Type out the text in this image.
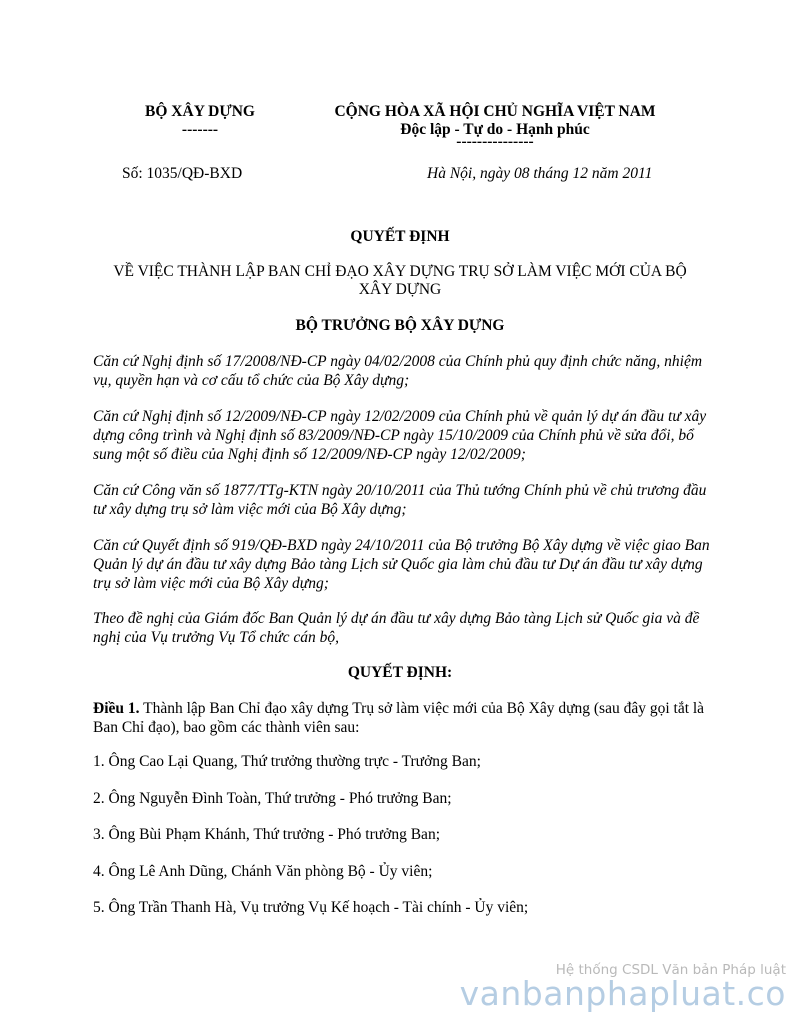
BỘ XÂY DỰNG
-------
CỘNG HÒA XÃ HỘI CHỦ NGHĨA VIỆT NAM
Độc lập - Tự do - Hạnh phúc
---------------
Số: 1035/QĐ-BXD	Hà Nội, ngày 08 tháng 12 năm 2011
QUYẾT ĐỊNH
VỀ VIỆC THÀNH LẬP BAN CHỈ ĐẠO XÂY DỰNG TRỤ SỞ LÀM VIỆC MỚI CỦA BỘ
XÂY DỰNG
BỘ TRƯỞNG BỘ XÂY DỰNG
Căn cứ Nghị định số 17/2008/NĐ-CP ngày 04/02/2008 của Chính phủ quy định chức năng, nhiệm vụ, quyền hạn và cơ cấu tổ chức của Bộ Xây dựng;
Căn cứ Nghị định số 12/2009/NĐ-CP ngày 12/02/2009 của Chính phủ về quản lý dự án đầu tư xây dựng công trình và Nghị định số 83/2009/NĐ-CP ngày 15/10/2009 của Chính phủ về sửa đổi, bổ sung một số điều của Nghị định số 12/2009/NĐ-CP ngày 12/02/2009;
Căn cứ Công văn số 1877/TTg-KTN ngày 20/10/2011 của Thủ tướng Chính phủ về chủ trương đầu tư xây dựng trụ sở làm việc mới của Bộ Xây dựng;
Căn cứ Quyết định số 919/QĐ-BXD ngày 24/10/2011 của Bộ trưởng Bộ Xây dựng về việc giao Ban Quản lý dự án đầu tư xây dựng Bảo tàng Lịch sử Quốc gia làm chủ đầu tư Dự án đầu tư xây dựng trụ sở làm việc mới của Bộ Xây dựng;
Theo đề nghị của Giám đốc Ban Quản lý dự án đầu tư xây dựng Bảo tàng Lịch sử Quốc gia và đề nghị của Vụ trưởng Vụ Tổ chức cán bộ,
QUYẾT ĐỊNH:
Điều 1. Thành lập Ban Chỉ đạo xây dựng Trụ sở làm việc mới của Bộ Xây dựng (sau đây gọi tắt là Ban Chỉ đạo), bao gồm các thành viên sau:
1. Ông Cao Lại Quang, Thứ trưởng thường trực - Trưởng Ban;
2. Ông Nguyễn Đình Toàn, Thứ trưởng - Phó trưởng Ban;
3. Ông Bùi Phạm Khánh, Thứ trưởng - Phó trưởng Ban;
4. Ông Lê Anh Dũng, Chánh Văn phòng Bộ - Ủy viên;
5. Ông Trần Thanh Hà, Vụ trưởng Vụ Kế hoạch - Tài chính - Ủy viên;
Hệ thống CSDL Văn bản Pháp luật
vanbanphapluat.co
